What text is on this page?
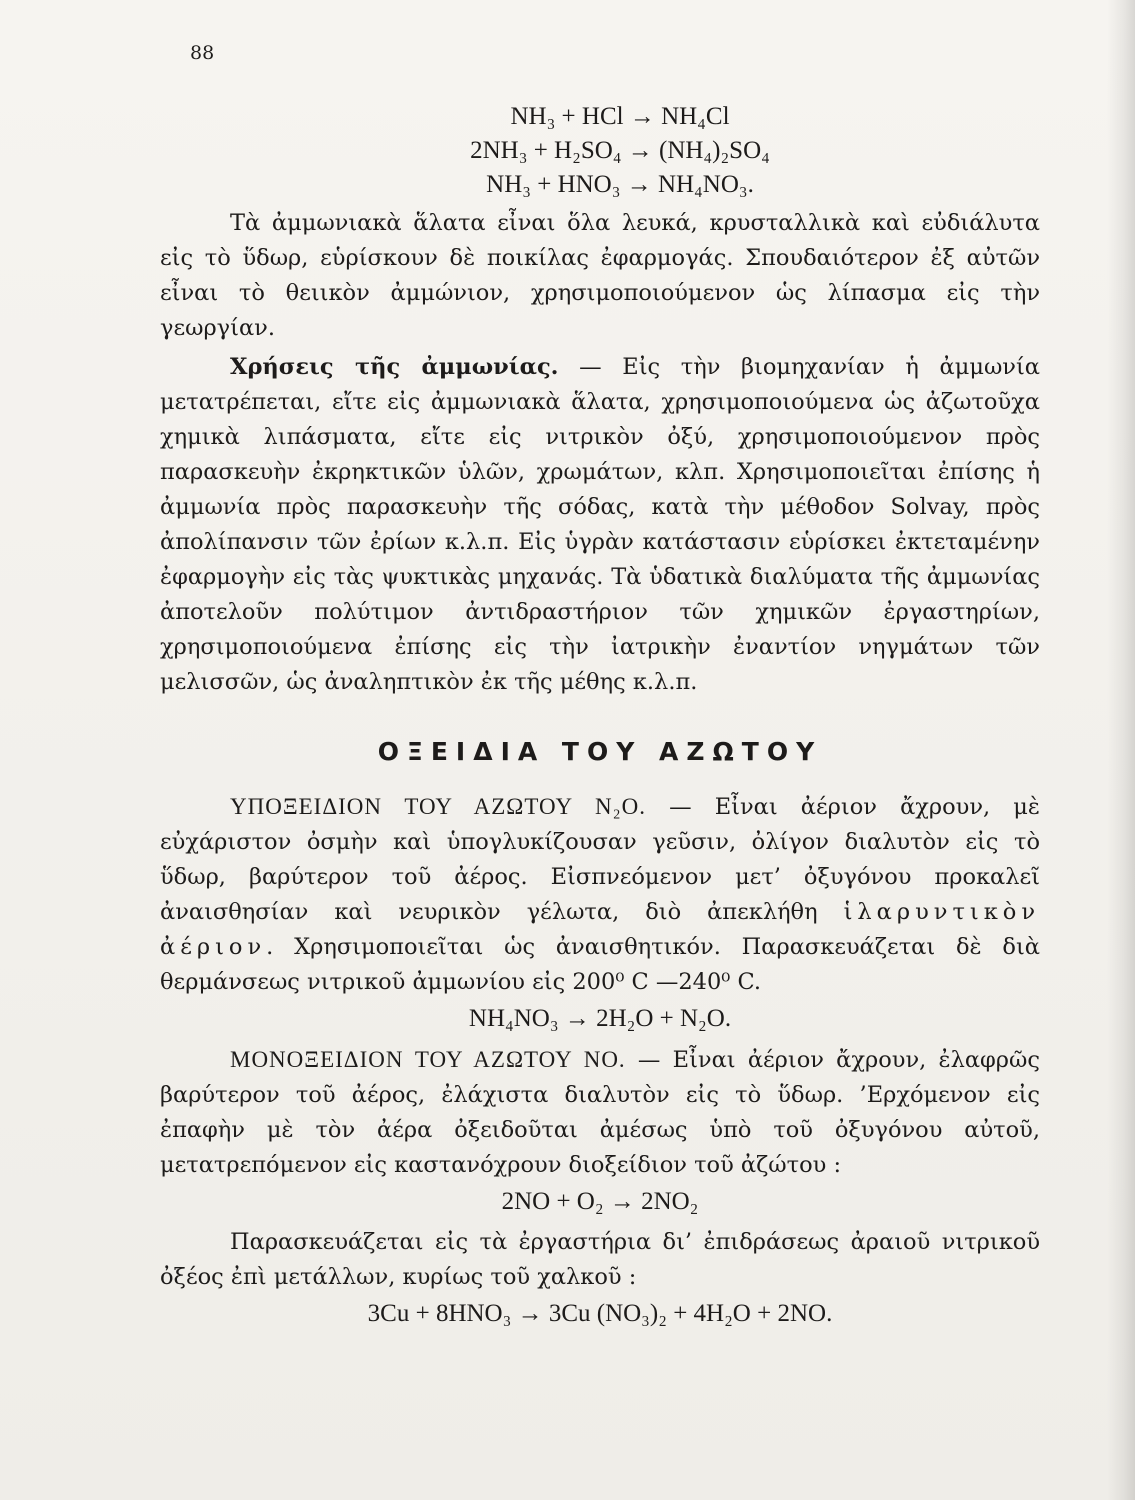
88
NH₃ + HCl → NH₄Cl
2NH₃ + H₂SO₄ → (NH₄)₂SO₄
NH₃ + HNO₃ → NH₄NO₃.

Τὰ ἀμμωνιακὰ ἅλατα εἶναι ὅλα λευκά, κρυσταλλικὰ καὶ εὐδιάλυτα εἰς τὸ ὕδωρ, εὑρίσκουν δὲ ποικίλας ἐφαρμογάς. Σπουδαιότερον ἐξ αὐτῶν εἶναι τὸ θειικὸν ἀμμώνιον, χρησιμοποιούμενον ὡς λίπασμα εἰς τὴν γεωργίαν.

Χρήσεις τῆς ἀμμωνίας. — Εἰς τὴν βιομηχανίαν ἡ ἀμμωνία μετατρέπεται, εἴτε εἰς ἀμμωνιακὰ ἅλατα, χρησιμοποιούμενα ὡς ἀζωτοῦχα χημικὰ λιπάσματα, εἴτε εἰς νιτρικὸν ὀξύ, χρησιμοποιούμενον πρὸς παρασκευὴν ἐκρηκτικῶν ὑλῶν, χρωμάτων, κλπ. Χρησιμοποιεῖται ἐπίσης ἡ ἀμμωνία πρὸς παρασκευὴν τῆς σόδας, κατὰ τὴν μέθοδον Solvay, πρὸς ἀπολίπανσιν τῶν ἐρίων κ.λ.π. Εἰς ὑγρὰν κατάστασιν εὑρίσκει ἐκτεταμένην ἐφαρμογὴν εἰς τὰς ψυκτικὰς μηχανάς. Τὰ ὑδατικὰ διαλύματα τῆς ἀμμωνίας ἀποτελοῦν πολύτιμον ἀντιδραστήριον τῶν χημικῶν ἐργαστηρίων, χρησιμοποιούμενα ἐπίσης εἰς τὴν ἰατρικὴν ἐναντίον νηγμάτων τῶν μελισσῶν, ὡς ἀναληπτικὸν ἐκ τῆς μέθης κ.λ.π.

ΟΞΕΙΔΙΑ ΤΟΥ ΑΖΩΤΟΥ

ΥΠΟΞΕΙΔΙΟΝ ΤΟΥ ΑΖΩΤΟΥ N₂O. — Εἶναι ἀέριον ἄχρουν, μὲ εὐχάριστον ὀσμὴν καὶ ὑπογλυκίζουσαν γεῦσιν, ὀλίγον διαλυτὸν εἰς τὸ ὕδωρ, βαρύτερον τοῦ ἀέρος. Εἰσπνεόμενον μετ’ ὀξυγόνου προκαλεῖ ἀναισθησίαν καὶ νευρικὸν γέλωτα, διὸ ἀπεκλήθη ἱλαρυντικὸν ἀέριον. Χρησιμοποιεῖται ὡς ἀναισθητικόν. Παρασκευάζεται δὲ διὰ θερμάνσεως νιτρικοῦ ἀμμωνίου εἰς 200⁰ C —240⁰ C.

NH₄NO₃ → 2H₂O + N₂O.

ΜΟΝΟΞΕΙΔΙΟΝ ΤΟΥ ΑΖΩΤΟΥ NO. — Εἶναι ἀέριον ἄχρουν, ἐλαφρῶς βαρύτερον τοῦ ἀέρος, ἐλάχιστα διαλυτὸν εἰς τὸ ὕδωρ. ’Ερχόμενον εἰς ἐπαφὴν μὲ τὸν ἀέρα ὀξειδοῦται ἀμέσως ὑπὸ τοῦ ὀξυγόνου αὐτοῦ, μετατρεπόμενον εἰς καστανόχρουν διοξείδιον τοῦ ἀζώτου :

2NO + O₂ → 2NO₂

Παρασκευάζεται εἰς τὰ ἐργαστήρια δι’ ἐπιδράσεως ἀραιοῦ νιτρικοῦ ὀξέος ἐπὶ μετάλλων, κυρίως τοῦ χαλκοῦ :

3Cu + 8HNO₃ → 3Cu (NO₃)₂ + 4H₂O + 2NO.
